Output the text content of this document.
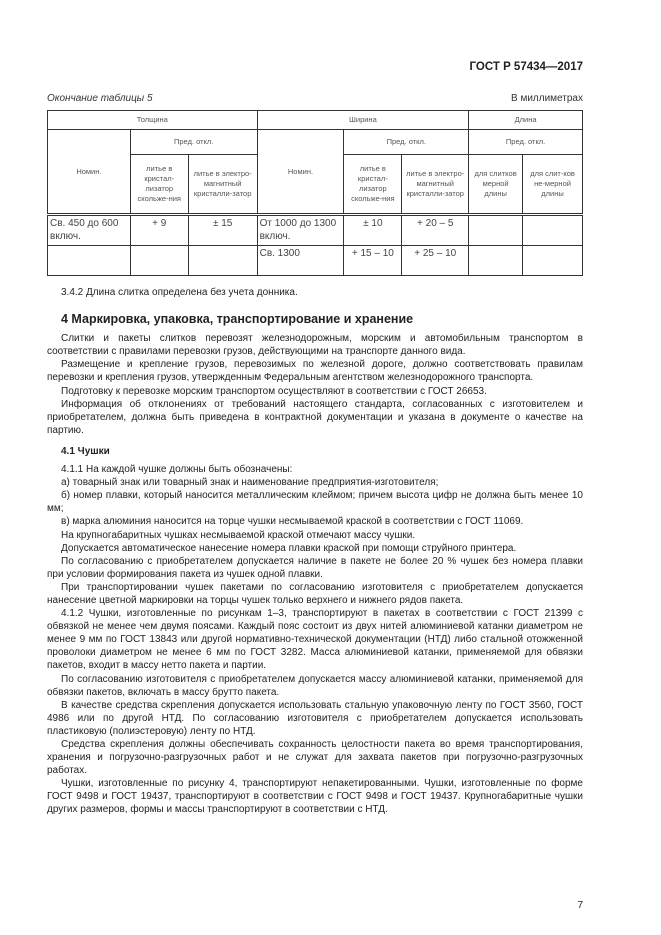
ГОСТ Р 57434—2017
Окончание таблицы 5	В миллиметрах
Толщина			Ширина			Длина	
Номин.	Пред. откл.		Номин.	Пред. откл.		Пред. откл.	
	литье в кристал-лизатор скольже-ния	литье в электро-магнитный кристалли-затор		литье в кристал-лизатор скольже-ния	литье в электро-магнитный кристалли-затор	для слитков мерной длины	для слит-ков не-мерной длины
Св. 450 до 600 включ.	+ 9	± 15	От 1000 до 1300 включ.	± 10	+ 20 – 5		
			Св. 1300	+ 15 – 10	+ 25 – 10		

3.4.2 Длина слитка определена без учета донника.

4 Маркировка, упаковка, транспортирование и хранение

Слитки и пакеты слитков перевозят железнодорожным, морским и автомобильным транспортом в соответствии с правилами перевозки грузов, действующими на транспорте данного вида.

Размещение и крепление грузов, перевозимых по железной дороге, должно соответствовать правилам перевозки и крепления грузов, утвержденным Федеральным агентством железнодорожного транспорта.

Подготовку к перевозке морским транспортом осуществляют в соответствии с ГОСТ 26653.

Информация об отклонениях от требований настоящего стандарта, согласованных с изготовителем и приобретателем, должна быть приведена в контрактной документации и указана в документе о качестве на партию.

4.1 Чушки

4.1.1 На каждой чушке должны быть обозначены:

а) товарный знак или товарный знак и наименование предприятия-изготовителя;

б) номер плавки, который наносится металлическим клеймом; причем высота цифр не должна быть менее 10 мм;

в) марка алюминия наносится на торце чушки несмываемой краской в соответствии с ГОСТ 11069.

На крупногабаритных чушках несмываемой краской отмечают массу чушки.

Допускается автоматическое нанесение номера плавки краской при помощи струйного принтера.

По согласованию с приобретателем допускается наличие в пакете не более 20 % чушек без номера плавки при условии формирования пакета из чушек одной плавки.

При транспортировании чушек пакетами по согласованию изготовителя с приобретателем допускается нанесение цветной маркировки на торцы чушек только верхнего и нижнего рядов пакета.

4.1.2 Чушки, изготовленные по рисункам 1–3, транспортируют в пакетах в соответствии с ГОСТ 21399 с обвязкой не менее чем двумя поясами. Каждый пояс состоит из двух нитей алюминиевой катанки диаметром не менее 9 мм по ГОСТ 13843 или другой нормативно-технической документации (НТД) либо стальной отожженной проволоки диаметром не менее 6 мм по ГОСТ 3282. Масса алюминиевой катанки, применяемой для обвязки пакетов, входит в массу нетто пакета и партии.

По согласованию изготовителя с приобретателем допускается массу алюминиевой катанки, применяемой для обвязки пакетов, включать в массу брутто пакета.

В качестве средства скрепления допускается использовать стальную упаковочную ленту по ГОСТ 3560, ГОСТ 4986 или по другой НТД. По согласованию изготовителя с приобретателем допускается использовать пластиковую (полиэстеровую) ленту по НТД.

Средства скрепления должны обеспечивать сохранность целостности пакета во время транспортирования, хранения и погрузочно-разгрузочных работ и не служат для захвата пакетов при погрузочно-разгрузочных работах.

Чушки, изготовленные по рисунку 4, транспортируют непакетированными. Чушки, изготовленные по форме ГОСТ 9498 и ГОСТ 19437, транспортируют в соответствии с ГОСТ 9498 и ГОСТ 19437. Крупногабаритные чушки других размеров, формы и массы транспортируют в соответствии с НТД.

7
